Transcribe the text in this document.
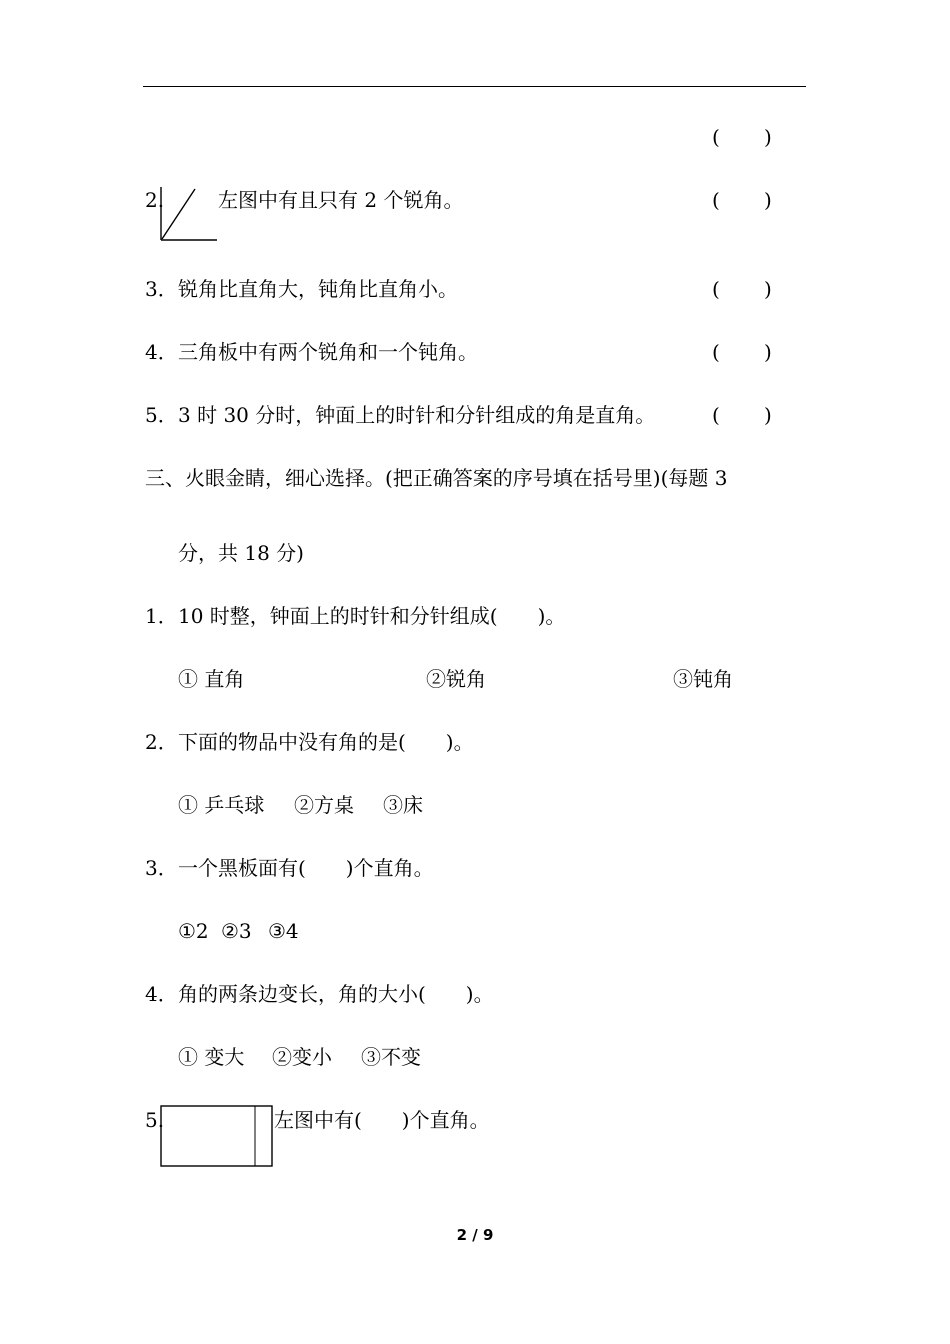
( )
2.	左图中有且只有 2 个锐角。	( )
3． 锐角比直角大，钝角比直角小。	( )
4． 三角板中有两个锐角和一个钝角。	( )
5． 3 时 30 分时，钟面上的时针和分针组成的角是直角。	( )
三、火眼金睛，细心选择。(把正确答案的序号填在括号里)(每题 3
分，共 18 分)
1． 10 时整，钟面上的时针和分针组成(　　)。
① 直角	②锐角	③钝角
2． 下面的物品中没有角的是(　　)。
① 乒乓球 ②方桌 ③床
3． 一个黑板面有(　　)个直角。
①2 ②3 ③4
4． 角的两条边变长，角的大小(　　)。
① 变大 ②变小 ③不变
5.	左图中有(　　)个直角。
2 / 9
